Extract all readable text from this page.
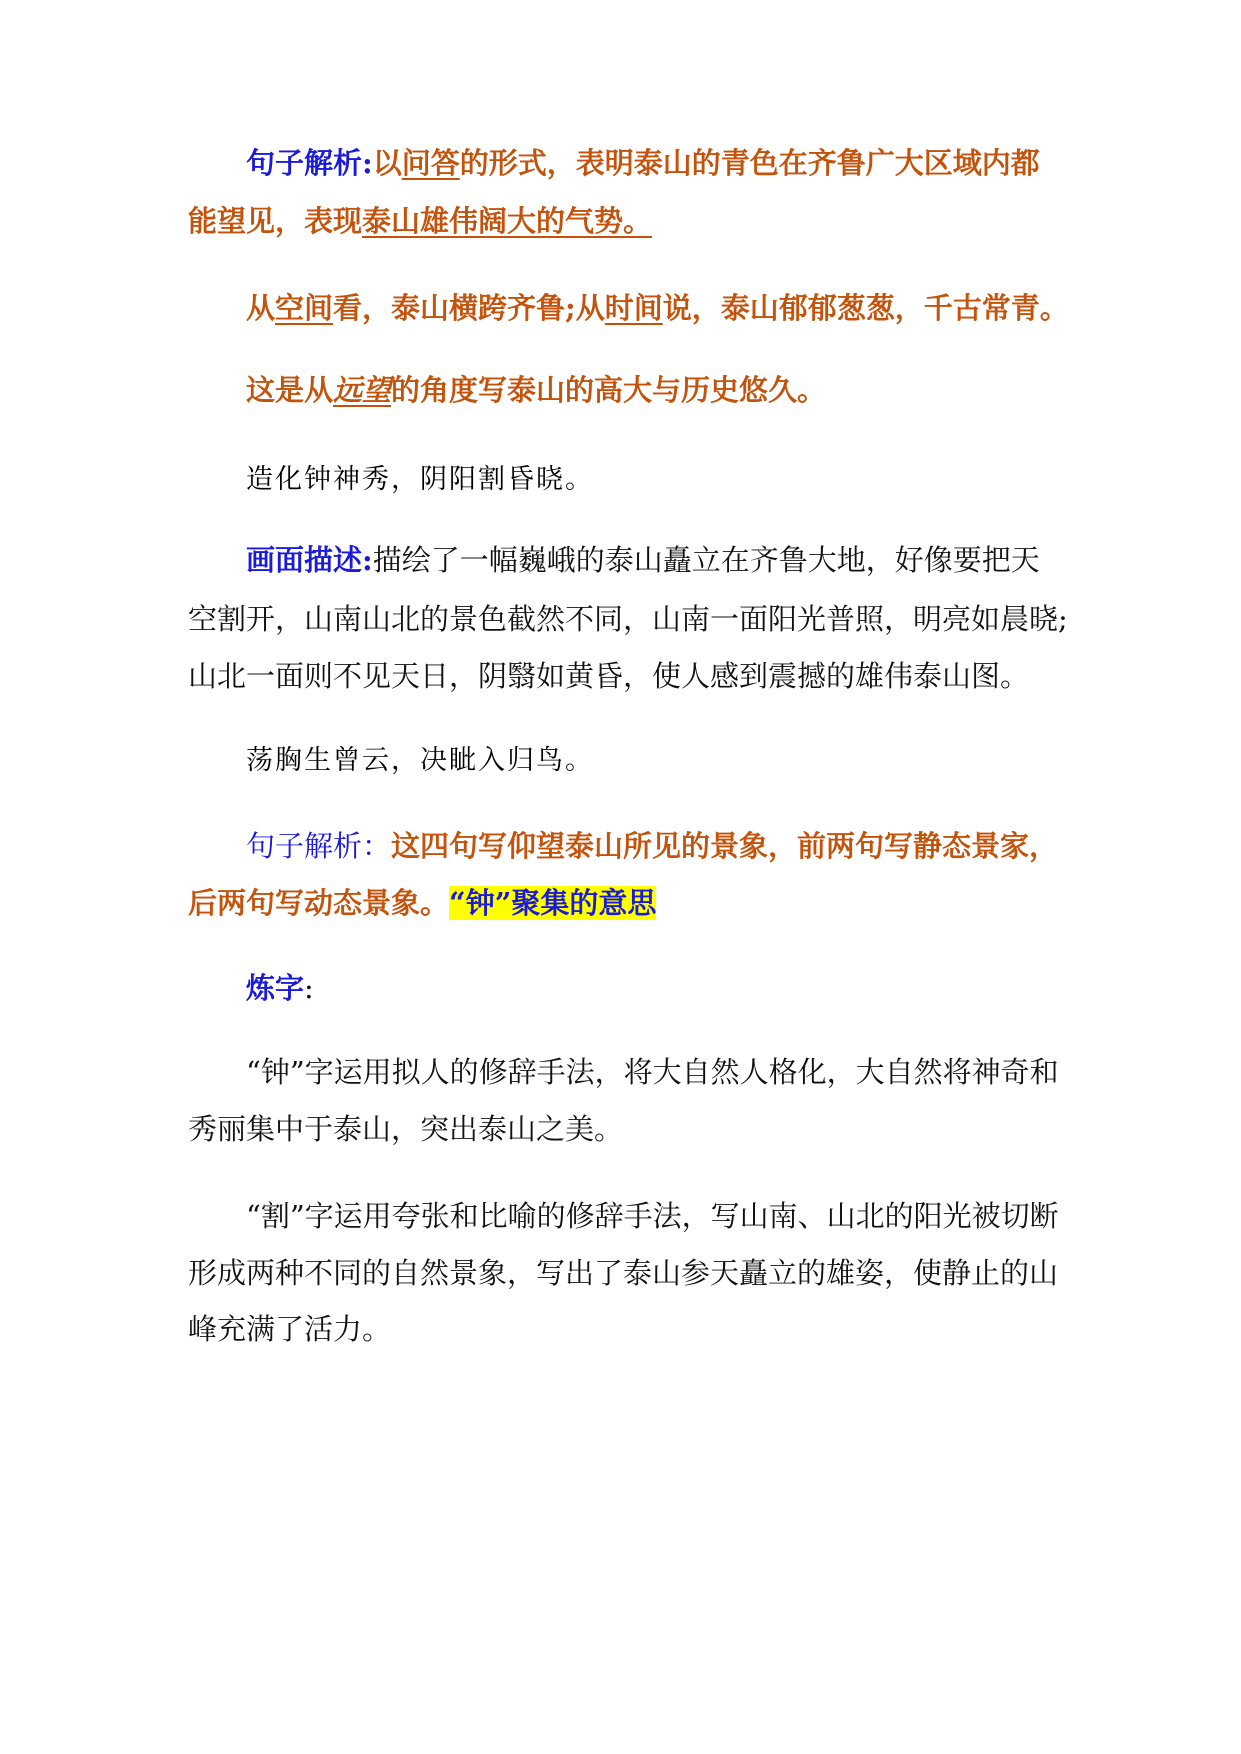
句子解析:以问答的形式，表明泰山的青色在齐鲁广大区域内都
能望见，表现泰山雄伟阔大的气势。
从空间看，泰山横跨齐鲁;从时间说，泰山郁郁葱葱，千古常青。
这是从远望的角度写泰山的高大与历史悠久。
造化钟神秀，阴阳割昏晓。
画面描述:描绘了一幅巍峨的泰山矗立在齐鲁大地，好像要把天
空割开，山南山北的景色截然不同，山南一面阳光普照，明亮如晨晓;
山北一面则不见天日，阴翳如黄昏，使人感到震撼的雄伟泰山图。
荡胸生曾云，决眦入归鸟。
句子解析：这四句写仰望泰山所见的景象，前两句写静态景家，
后两句写动态景象。“钟”聚集的意思
炼字:
“钟”字运用拟人的修辞手法，将大自然人格化，大自然将神奇和
秀丽集中于泰山，突出泰山之美。
“割”字运用夸张和比喻的修辞手法，写山南、山北的阳光被切断
形成两种不同的自然景象，写出了泰山参天矗立的雄姿，使静止的山
峰充满了活力。
